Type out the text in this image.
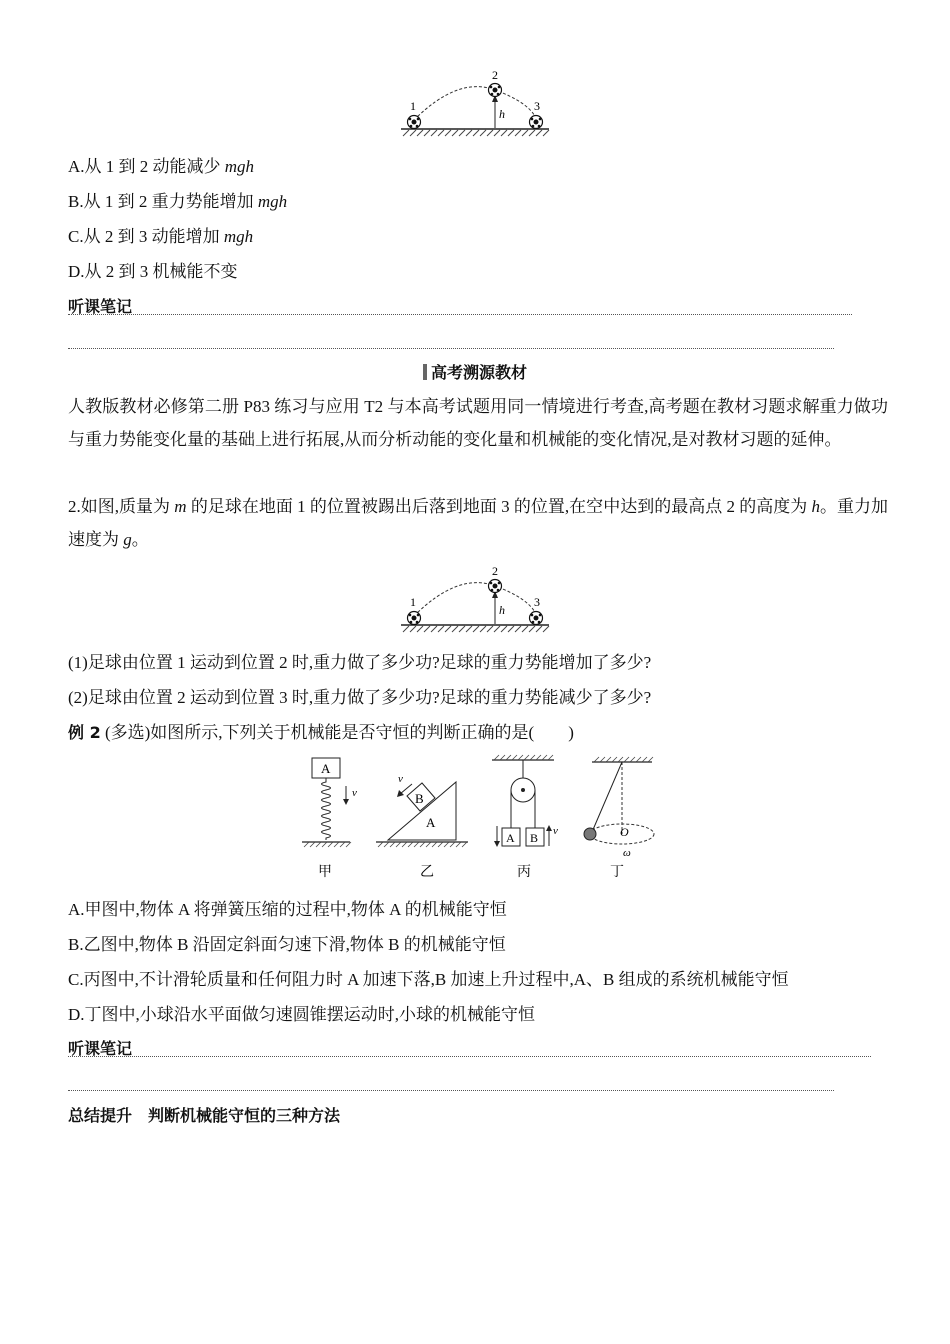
1
2
3
h
A.从 1 到 2 动能减少 mgh
B.从 1 到 2 重力势能增加 mgh
C.从 2 到 3 动能增加 mgh
D.从 2 到 3 机械能不变
听课笔记
高考溯源教材
人教版教材必修第二册 P83 练习与应用 T2 与本高考试题用同一情境进行考查,高考题在教材习题求解重力做功与重力势能变化量的基础上进行拓展,从而分析动能的变化量和机械能的变化情况,是对教材习题的延伸。
2.如图,质量为 m 的足球在地面 1 的位置被踢出后落到地面 3 的位置,在空中达到的最高点 2 的高度为 h。重力加速度为 g。
1
2
3
h
(1)足球由位置 1 运动到位置 2 时,重力做了多少功?足球的重力势能增加了多少?
(2)足球由位置 2 运动到位置 3 时,重力做了多少功?足球的重力势能减少了多少?
例 2 (多选)如图所示,下列关于机械能是否守恒的判断正确的是(　　)
A
v
甲
B
A
v
乙
A B v
丙
O
ω
丁
A.甲图中,物体 A 将弹簧压缩的过程中,物体 A 的机械能守恒
B.乙图中,物体 B 沿固定斜面匀速下滑,物体 B 的机械能守恒
C.丙图中,不计滑轮质量和任何阻力时 A 加速下落,B 加速上升过程中,A、B 组成的系统机械能守恒
D.丁图中,小球沿水平面做匀速圆锥摆运动时,小球的机械能守恒
听课笔记
总结提升　判断机械能守恒的三种方法
